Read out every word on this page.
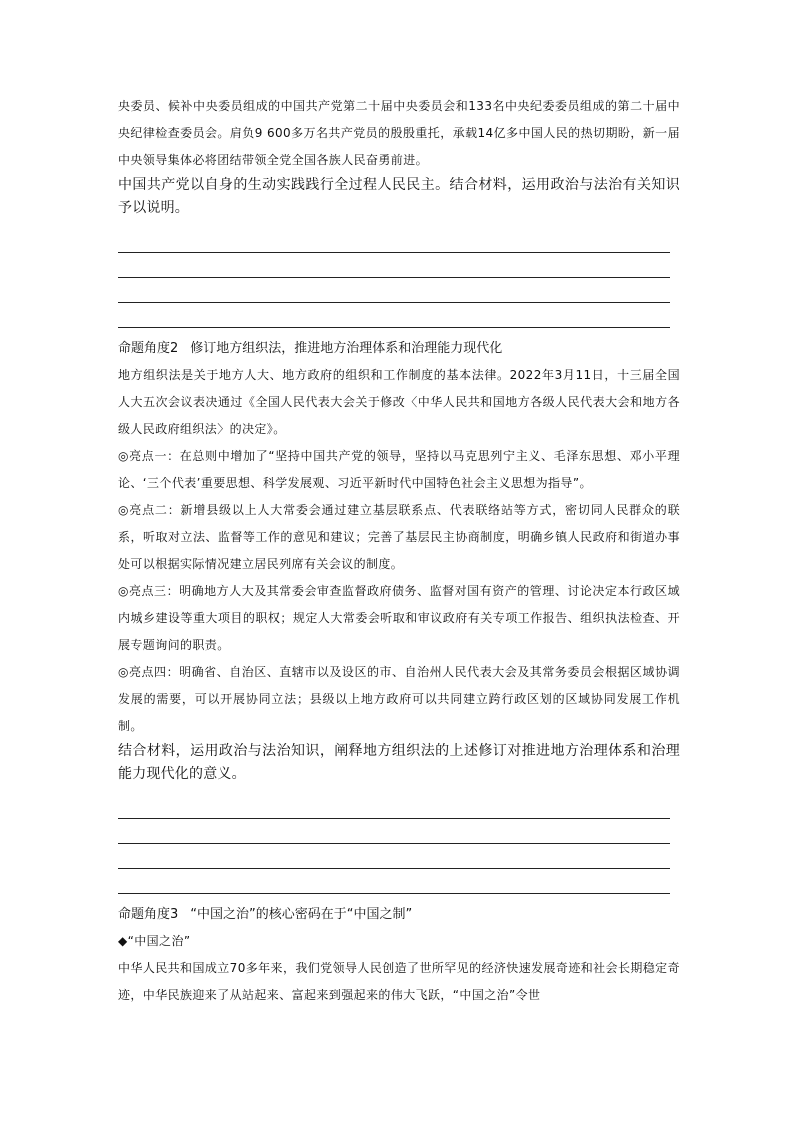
央委员、候补中央委员组成的中国共产党第二十届中央委员会和133名中央纪委委员组成的第二十届中央纪律检查委员会。肩负9 600多万名共产党员的殷殷重托，承载14亿多中国人民的热切期盼，新一届中央领导集体必将团结带领全党全国各族人民奋勇前进。

中国共产党以自身的生动实践践行全过程人民民主。结合材料，运用政治与法治有关知识予以说明。

命题角度2 修订地方组织法，推进地方治理体系和治理能力现代化

地方组织法是关于地方人大、地方政府的组织和工作制度的基本法律。2022年3月11日，十三届全国人大五次会议表决通过《全国人民代表大会关于修改〈中华人民共和国地方各级人民代表大会和地方各级人民政府组织法〉的决定》。

◎亮点一：在总则中增加了“坚持中国共产党的领导，坚持以马克思列宁主义、毛泽东思想、邓小平理论、‘三个代表’重要思想、科学发展观、习近平新时代中国特色社会主义思想为指导”。

◎亮点二：新增县级以上人大常委会通过建立基层联系点、代表联络站等方式，密切同人民群众的联系，听取对立法、监督等工作的意见和建议；完善了基层民主协商制度，明确乡镇人民政府和街道办事处可以根据实际情况建立居民列席有关会议的制度。

◎亮点三：明确地方人大及其常委会审查监督政府债务、监督对国有资产的管理、讨论决定本行政区域内城乡建设等重大项目的职权；规定人大常委会听取和审议政府有关专项工作报告、组织执法检查、开展专题询问的职责。

◎亮点四：明确省、自治区、直辖市以及设区的市、自治州人民代表大会及其常务委员会根据区域协调发展的需要，可以开展协同立法；县级以上地方政府可以共同建立跨行政区划的区域协同发展工作机制。

结合材料，运用政治与法治知识，阐释地方组织法的上述修订对推进地方治理体系和治理能力现代化的意义。

命题角度3 “中国之治”的核心密码在于“中国之制”

◆“中国之治”

中华人民共和国成立70多年来，我们党领导人民创造了世所罕见的经济快速发展奇迹和社会长期稳定奇迹，中华民族迎来了从站起来、富起来到强起来的伟大飞跃，“中国之治”令世
